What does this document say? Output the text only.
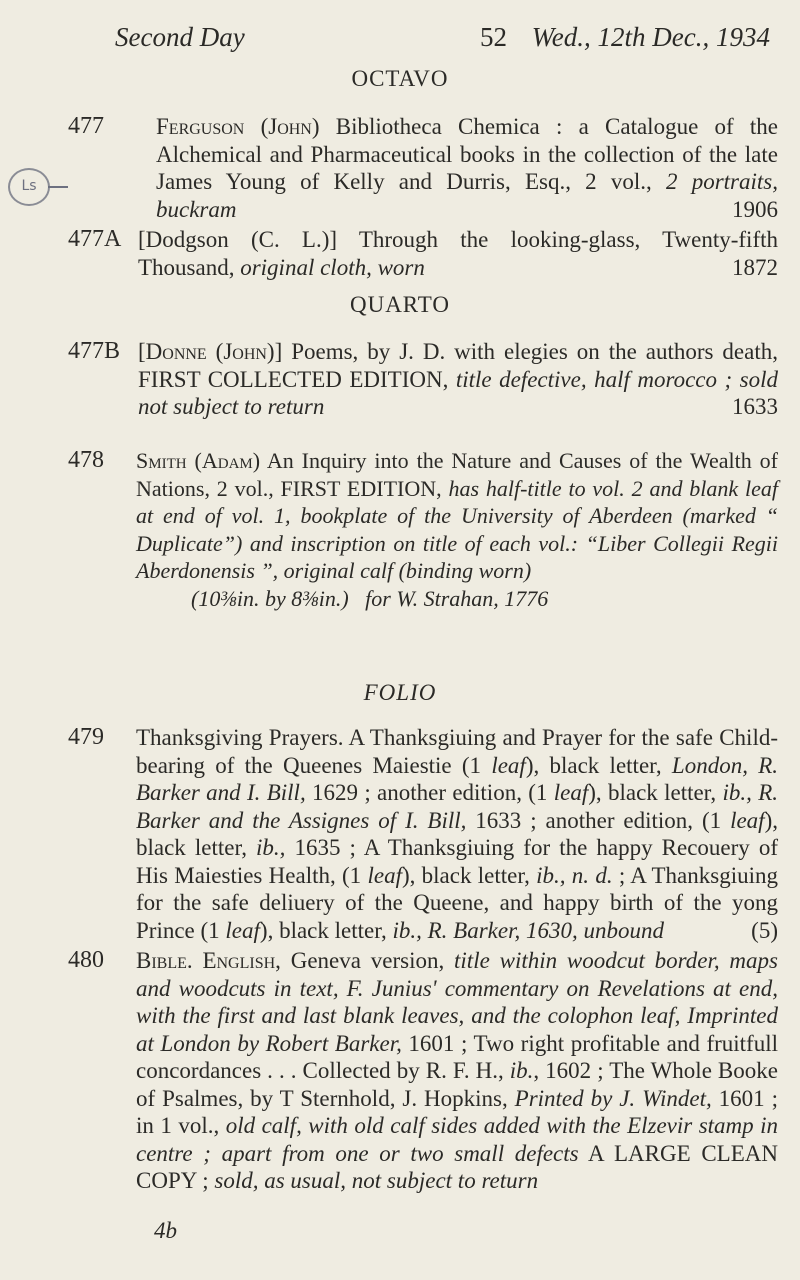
Second Day	52 Wed., 12th Dec., 1934
OCTAVO
Ls
477 Ferguson (John) Bibliotheca Chemica : a Catalogue of the Alchemical and Pharmaceutical books in the collection of the late James Young of Kelly and Durris, Esq., 2 vol., 2 portraits, buckram	1906
477A [Dodgson (C. L.)] Through the looking-glass, Twenty-fifth Thousand, original cloth, worn	1872
QUARTO
477B [Donne (John)] Poems, by J. D. with elegies on the authors death, FIRST COLLECTED EDITION, title defective, half morocco ; sold not subject to return	1633
478 Smith (Adam) An Inquiry into the Nature and Causes of the Wealth of Nations, 2 vol., FIRST EDITION, has half-title to vol. 2 and blank leaf at end of vol. 1, bookplate of the University of Aberdeen (marked “ Duplicate”) and inscription on title of each vol.: “Liber Collegii Regii Aberdonensis ”, original calf (binding worn)
(10⅜in. by 8⅜in.)   for W. Strahan, 1776
FOLIO
479 Thanksgiving Prayers. A Thanksgiuing and Prayer for the safe Child-bearing of the Queenes Maiestie (1 leaf), black letter, London, R. Barker and I. Bill, 1629 ; another edition, (1 leaf), black letter, ib., R. Barker and the Assignes of I. Bill, 1633 ; another edition, (1 leaf), black letter, ib., 1635 ; A Thanksgiuing for the happy Recouery of His Maiesties Health, (1 leaf), black letter, ib., n. d. ; A Thanksgiuing for the safe deliuery of the Queene, and happy birth of the yong Prince (1 leaf), black letter, ib., R. Barker, 1630, unbound	(5)
480 Bible. English, Geneva version, title within woodcut border, maps and woodcuts in text, F. Junius' commentary on Revelations at end, with the first and last blank leaves, and the colophon leaf, Imprinted at London by Robert Barker, 1601 ; Two right profitable and fruitfull concordances . . . Collected by R. F. H., ib., 1602 ; The Whole Booke of Psalmes, by T Sternhold, J. Hopkins, Printed by J. Windet, 1601 ; in 1 vol., old calf, with old calf sides added with the Elzevir stamp in centre ; apart from one or two small defects A LARGE CLEAN COPY ; sold, as usual, not subject to return
4b
